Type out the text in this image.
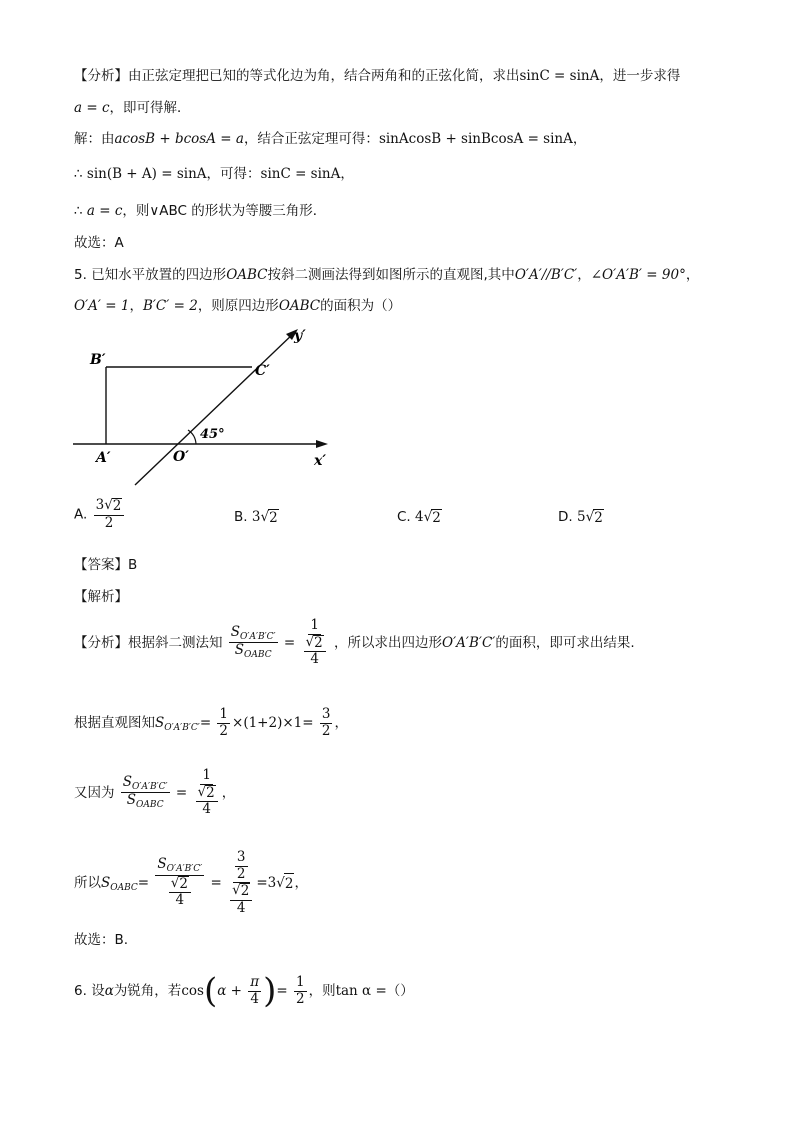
【分析】由正弦定理把已知的等式化边为角，结合两角和的正弦化简，求出sinC = sinA，进一步求得
a = c，即可得解．
解：由acosB + bcosA = a，结合正弦定理可得：sinAcosB + sinBcosA = sinA，
∴ sin(B + A) = sinA，可得：sinC = sinA，
∴ a = c，则∨ABC 的形状为等腰三角形．
故选：A
5. 已知水平放置的四边形OABC按斜二测画法得到如图所示的直观图,其中O′A′//B′C′，∠O′A′B′ = 90°，
O′A′ = 1，B′C′ = 2，则原四边形OABC的面积为（）
B′
C′
A′	O′	x′
y′
45°
A. $\frac{3√ 2}{2}$	B. 3√ 2	C. 4√ 2	D. 5√ 2
【答案】B
【解析】
【分析】根据斜二测法知 $\frac{S_{O'A'B'C'}}{S_{OABC}} = \frac{1}{\frac{√ 2}{4}}$ ，所以求出四边形O′A′B′C′的面积，即可求出结果.
根据直观图知$S_{O'A'B'C'}= \frac{1}{2} \times(1+2)\times 1= \frac{3}{2}$ ，
又因为 $\frac{S_{O'A'B'C'}}{S_{OABC}} = \frac{1}{\frac{√ 2}{4}}$ ，
所以$S_{OABC}= \frac{S_{O'A'B'C'}}{\frac{√ 2}{4}} = \frac{\frac{3}{2}}{\frac{√ 2}{4}} =3√$ 2 ，
故选：B.
6. 设α为锐角，若$\cos(\alpha + \frac{\pi}{4}$ )= $\frac{1}{2}$ ，则tan α =（）
